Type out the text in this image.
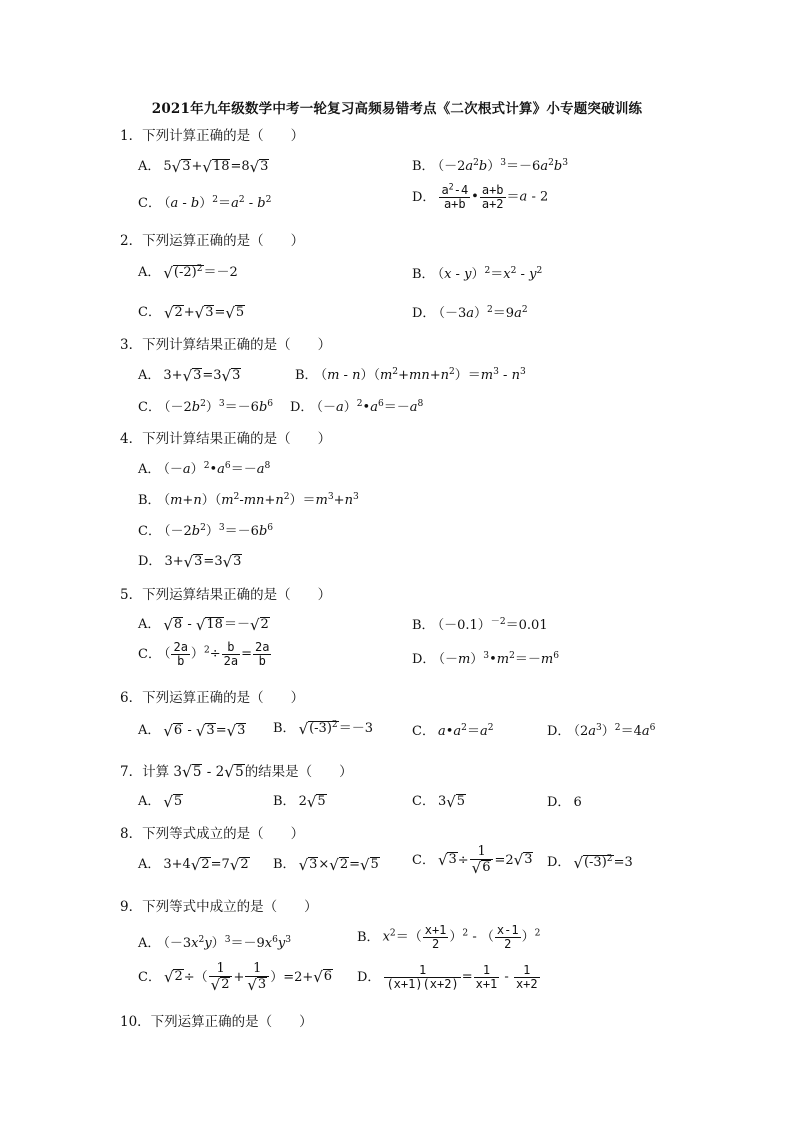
2021年九年级数学中考一轮复习高频易错考点《二次根式计算》小专题突破训练
1．下列计算正确的是（　　）
A． 5 √ 3 + √ 18 =8 √ 3	B． $(-2a^2b)^3=-6a^2b^3$
C． $(a - b)^2=a^2 - b^2$	D． $\frac{a^2-4}{a+b}$ • $\frac{a+b}{a+2} =a - 2$
2．下列运算正确的是（　　）
A． √ $(-2)^2 =-2$	B． $(x - y)^2=x^2 - y^2$
C． √ 2 + √ 3 = √ 5	D． $(-3a)^2=9a^2$
3．下列计算结果正确的是（　　）
A． 3+ √ 3 =3 √ 3	B． $(m - n)(m^2+mn+n^2)=m^3 - n^3$
C． $(-2b^2)^3=-6b^6$ D． $(-a)^2•a^6=-a^8$
4．下列计算结果正确的是（　　）
A． $(-a)^2•a^6=-a^8$
B． $(m+n)(m^2-mn+n^2)=m^3+n^3$
C． $(-2b^2)^3=-6b^6$
D． 3+ √ 3 =3 √ 3
5．下列运算结果正确的是（　　）
A． √ 8 - √ 18 ＝－ √ 2	B． $(-0.1)^{-2}=0.01$
C． （ $\frac{2a}{b} )^2\div \frac{b}{2a} = \frac{2a}{b}$	D． $(-m)^3•m^2=-m^6$
6．下列运算正确的是（　　）
A． √ 6 - √ 3 = √ 3 B． √ $(-3)^2 =-3$	C． $a•a^2=a^2$	D． $(2a^3)^2=4a^6$
7．计算 3 √ 5 - 2 √ 5 的结果是（　　）
A． √ 5	B． 2 √ 5	C． 3 √ 5	D． 6
8．下列等式成立的是（　　）
A． 3+4 √ 2 =7 √ 2 B． √ 3 × √ 2 = √ 5	C． √ $3 \div \frac{1}{√ 6} =2$ √ 3 D． √ $(-3)^2 =3$
9．下列等式中成立的是（　　）
A． $(-3x^2y)^3=-9x^6y^3$	B． $x^2=( \frac{x+1}{2} )^2$ - （ $\frac{x-1}{2} )^2$
C． √ 2 ÷（ $\frac{1}{√ 2} + \frac{1}{√ 3} )=2+$ √ 6 D． $\frac{1}{(x+1)(x+2)} = \frac{1}{x+1} - \frac{1}{x+2}$
10．下列运算正确的是（　　）
